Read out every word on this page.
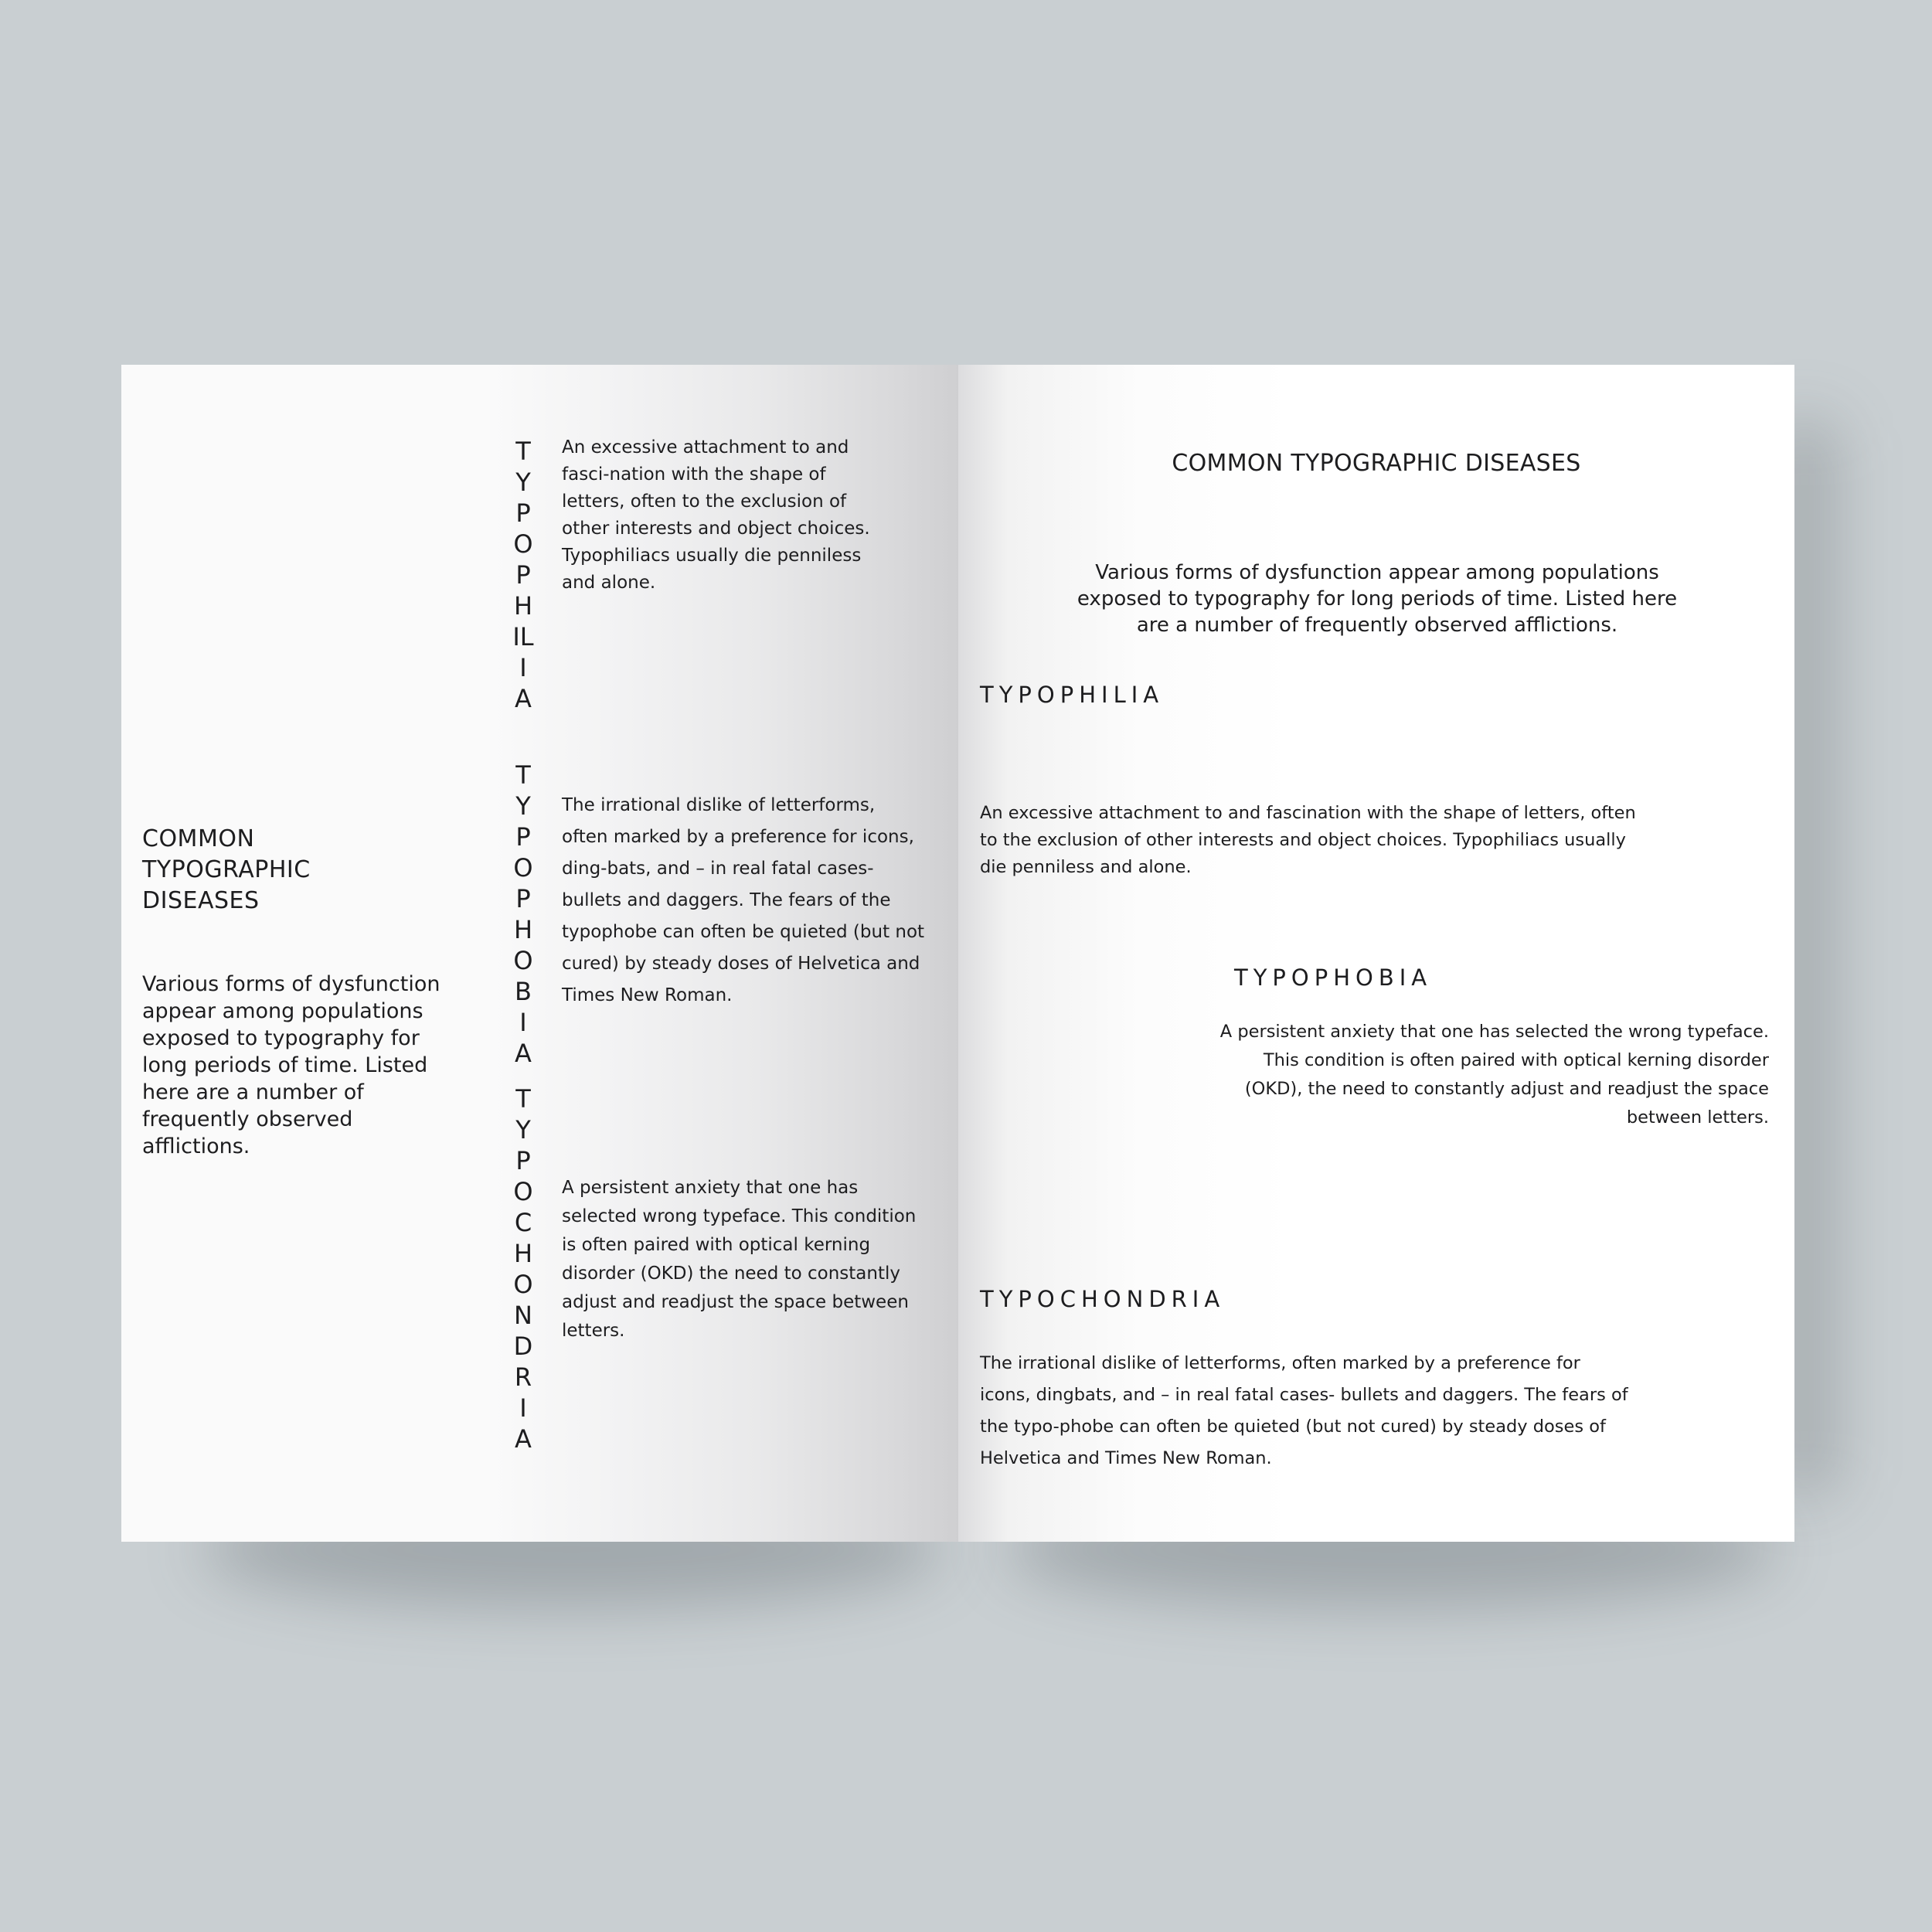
COMMON TYPOGRAPHIC DISEASES
Various forms of dysfunction appear among populations exposed to typography for long periods of time. Listed here are a number of frequently observed afflictions.
TYPOPHILIA
TYPOPHOBIA
TYPOCHONDRIA
An excessive attachment to and fasci-nation with the shape of letters, often to the exclusion of other interests and object choices. Typophiliacs usually die penniless and alone.
The irrational dislike of letterforms, often marked by a preference for icons, ding-bats, and – in real fatal cases- bullets and daggers. The fears of the typophobe can often be quieted (but not cured) by steady doses of Helvetica and Times New Roman.
A persistent anxiety that one has selected wrong typeface. This condition is often paired with optical kerning disorder (OKD) the need to constantly adjust and readjust the space between letters.
COMMON TYPOGRAPHIC DISEASES
Various forms of dysfunction appear among populations exposed to typography for long periods of time. Listed here are a number of frequently observed afflictions.
TYPOPHILIA
An excessive attachment to and fascination with the shape of letters, often to the exclusion of other interests and object choices. Typophiliacs usually die penniless and alone.
TYPOPHOBIA
A persistent anxiety that one has selected the wrong typeface. This condition is often paired with optical kerning disorder (OKD), the need to constantly adjust and readjust the space between letters.
TYPOCHONDRIA
The irrational dislike of letterforms, often marked by a preference for icons, dingbats, and – in real fatal cases- bullets and daggers. The fears of the typo-phobe can often be quieted (but not cured) by steady doses of Helvetica and Times New Roman.
